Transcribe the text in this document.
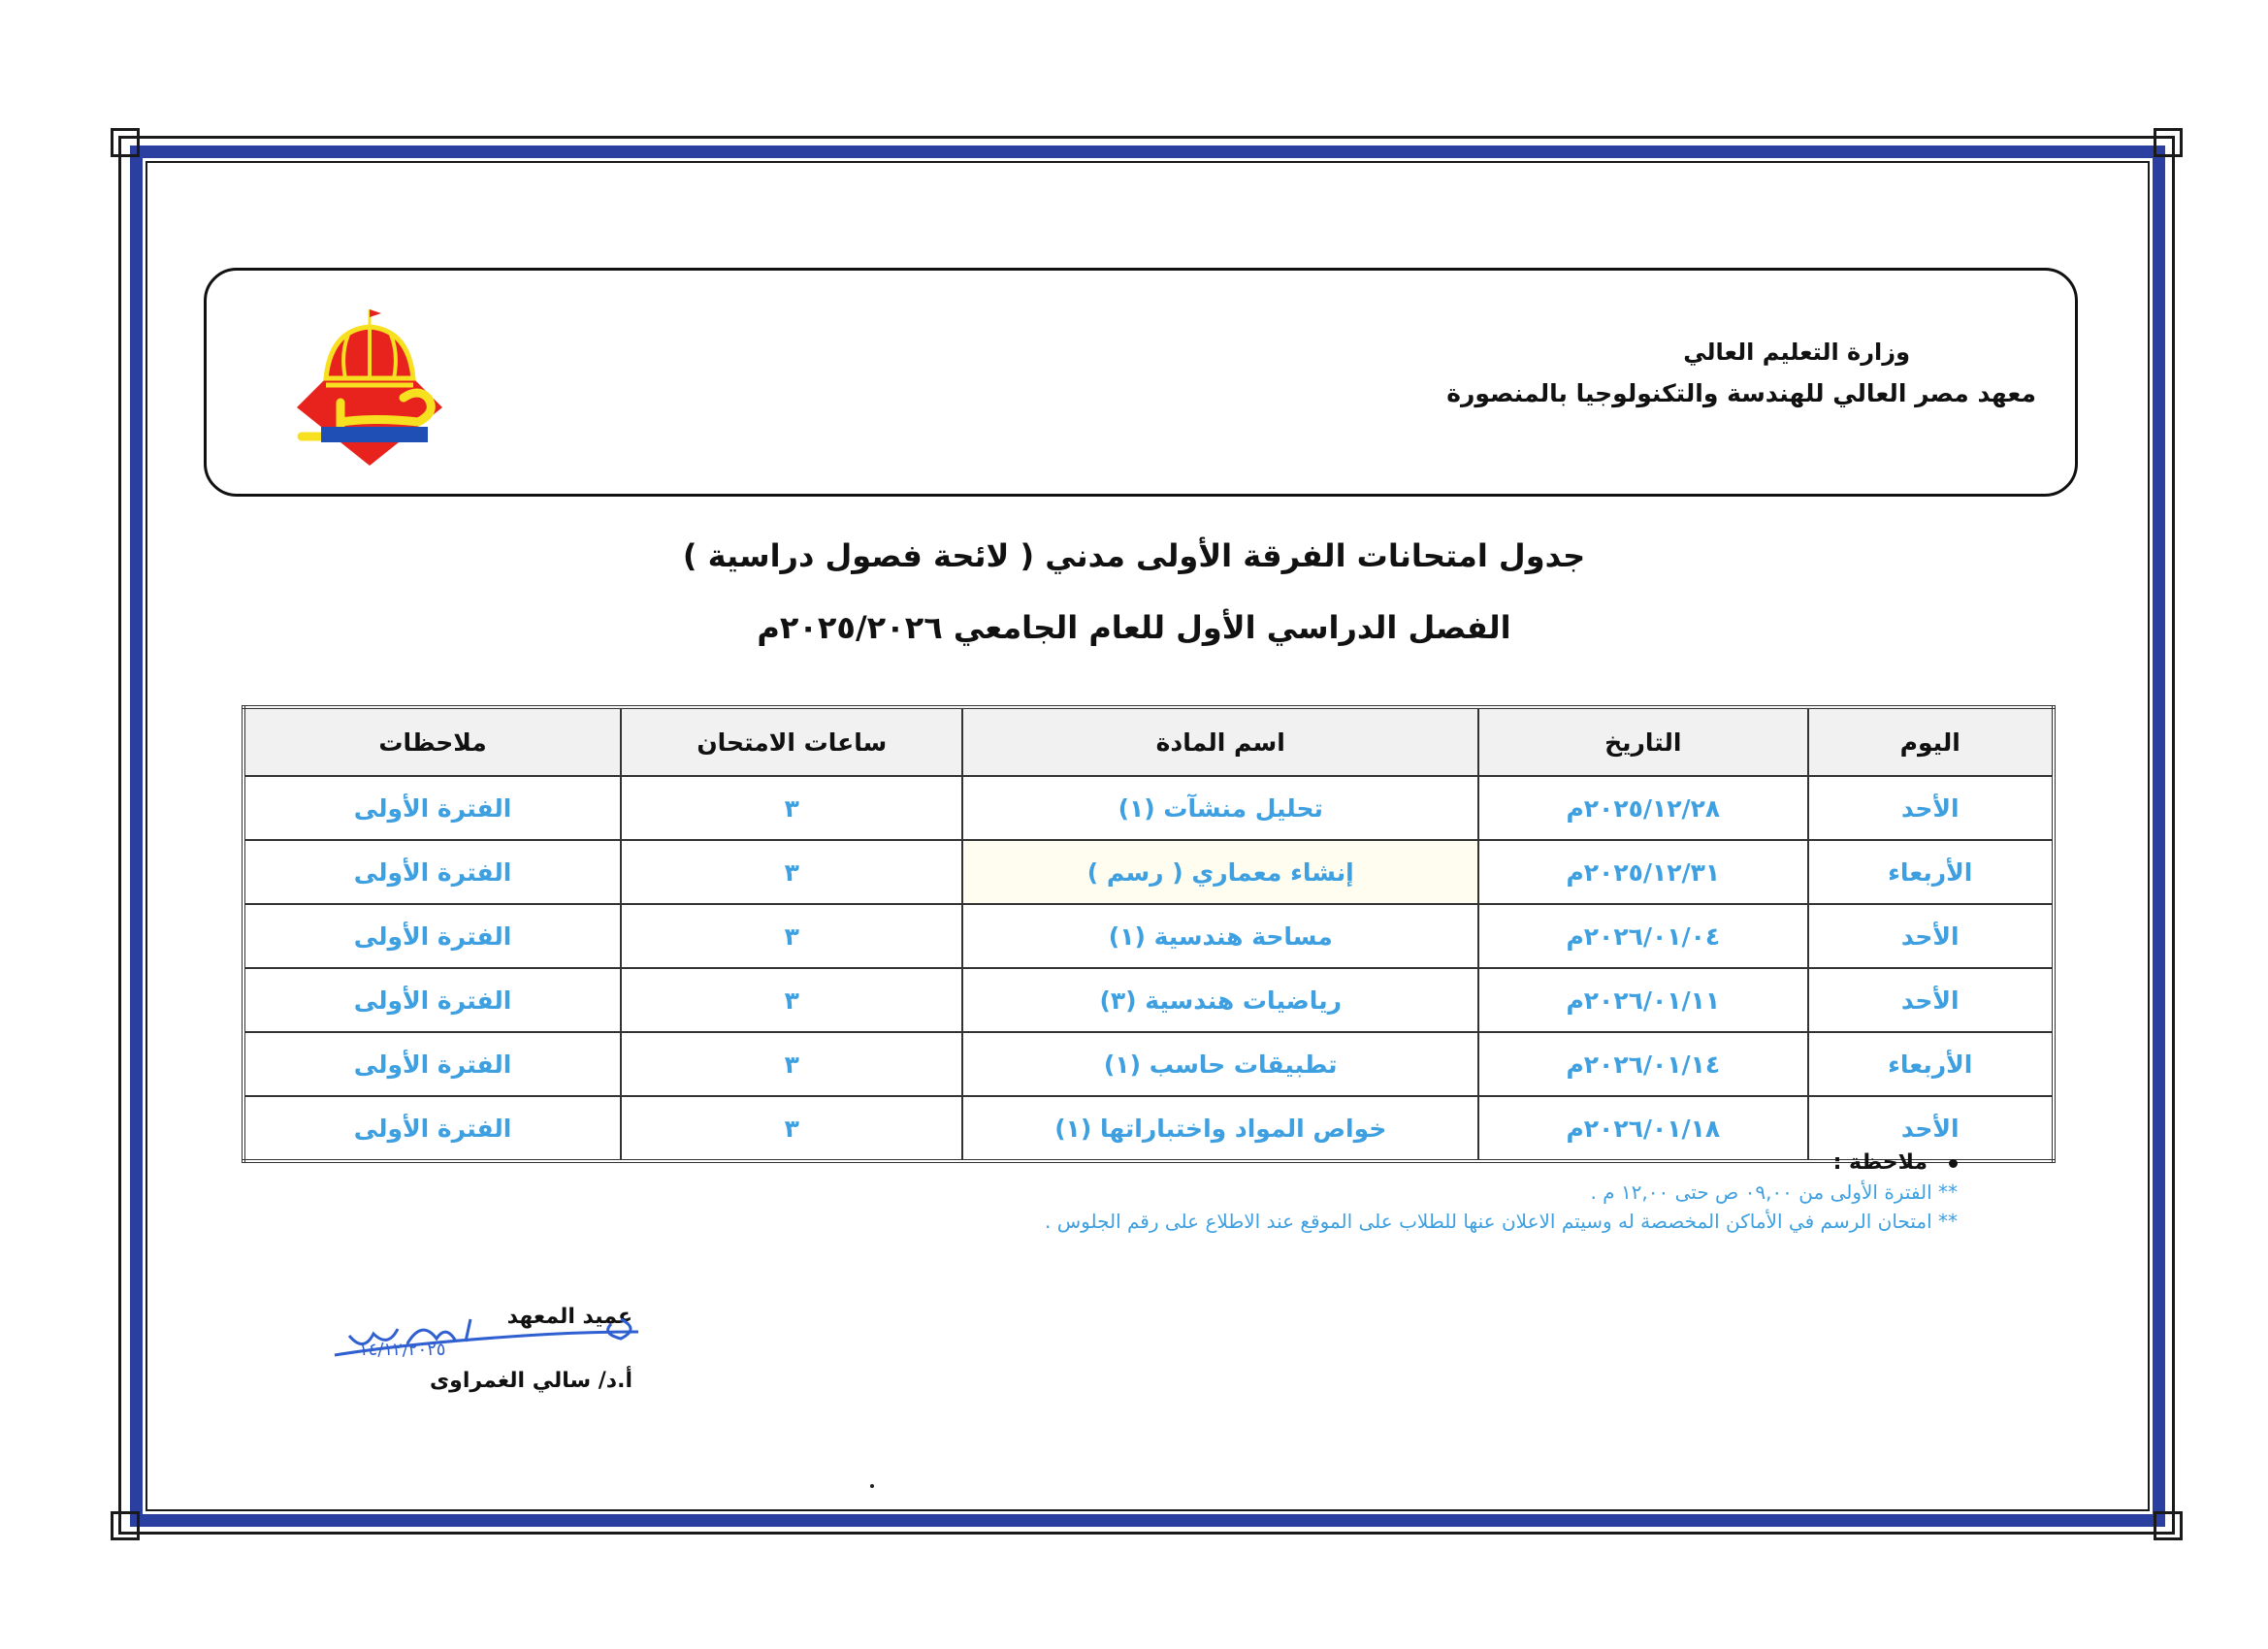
وزارة التعليم العالي
معهد مصر العالي للهندسة والتكنولوجيا بالمنصورة
جدول امتحانات الفرقة الأولى مدني ( لائحة فصول دراسية )
الفصل الدراسي الأول للعام الجامعي ٢٠٢٥/٢٠٢٦م
اليوم	التاريخ	اسم المادة	ساعات الامتحان	ملاحظات
الأحد	٢٠٢٥/١٢/٢٨م	تحليل منشآت (١)	٣	الفترة الأولى
الأربعاء	٢٠٢٥/١٢/٣١م	إنشاء معماري ( رسم )	٣	الفترة الأولى
الأحد	٢٠٢٦/٠١/٠٤م	مساحة هندسية (١)	٣	الفترة الأولى
الأحد	٢٠٢٦/٠١/١١م	رياضيات هندسية (٣)	٣	الفترة الأولى
الأربعاء	٢٠٢٦/٠١/١٤م	تطبيقات حاسب (١)	٣	الفترة الأولى
الأحد	٢٠٢٦/٠١/١٨م	خواص المواد واختباراتها (١)	٣	الفترة الأولى
ملاحظة :
** الفترة الأولى من ٠٩,٠٠ ص حتى ١٢,٠٠ م .
** امتحان الرسم في الأماكن المخصصة له وسيتم الاعلان عنها للطلاب على الموقع عند الاطلاع على رقم الجلوس .
عميد المعهد
١٤/١٢/٢٠٢٥
أ.د/ سالي الغمراوى
